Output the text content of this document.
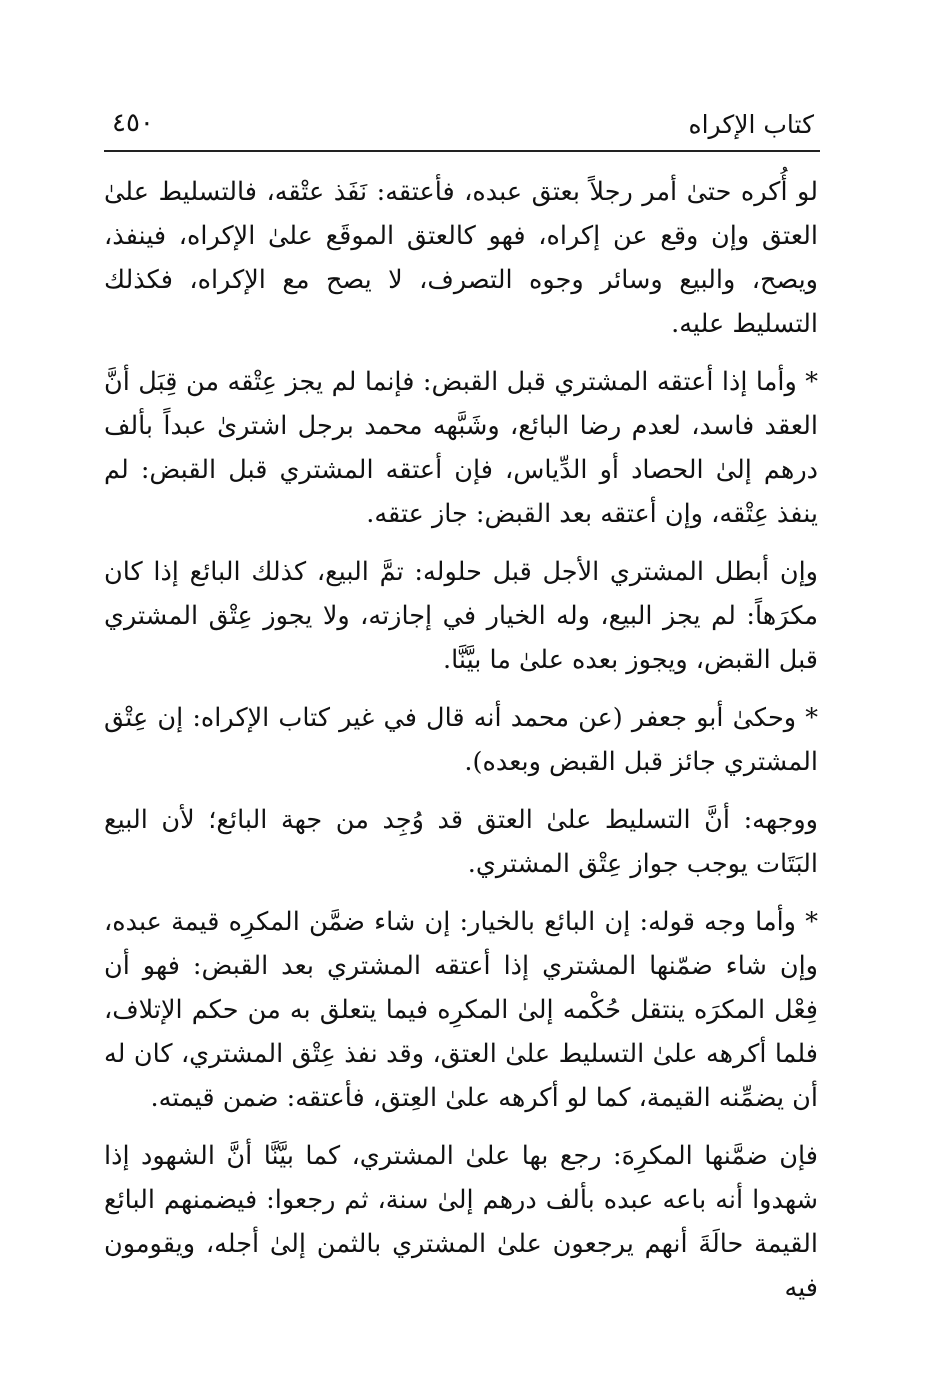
٤٥٠	كتاب الإكراه

لو أُكره حتىٰ أمر رجلاً بعتق عبده، فأعتقه: نَفَذ عتْقه، فالتسليط علىٰ العتق وإن وقع عن إكراه، فهو كالعتق الموقَع علىٰ الإكراه، فينفذ، ويصح، والبيع وسائر وجوه التصرف، لا يصح مع الإكراه، فكذلك التسليط عليه.

* وأما إذا أعتقه المشتري قبل القبض: فإنما لم يجز عِتْقه من قِبَل أنَّ العقد فاسد، لعدم رضا البائع، وشَبَّهه محمد برجل اشترىٰ عبداً بألف درهم إلىٰ الحصاد أو الدِّياس، فإن أعتقه المشتري قبل القبض: لم ينفذ عِتْقه، وإن أعتقه بعد القبض: جاز عتقه.

وإن أبطل المشتري الأجل قبل حلوله: تمَّ البيع، كذلك البائع إذا كان مكرَهاً: لم يجز البيع، وله الخيار في إجازته، ولا يجوز عِتْق المشتري قبل القبض، ويجوز بعده علىٰ ما بيَّنَّا.

* وحكىٰ أبو جعفر (عن محمد أنه قال في غير كتاب الإكراه: إن عِتْق المشتري جائز قبل القبض وبعده).

ووجهه: أنَّ التسليط علىٰ العتق قد وُجِد من جهة البائع؛ لأن البيع البَتَات يوجب جواز عِتْق المشتري.

* وأما وجه قوله: إن البائع بالخيار: إن شاء ضمَّن المكرِه قيمة عبده، وإن شاء ضمّنها المشتري إذا أعتقه المشتري بعد القبض: فهو أن فِعْل المكرَه ينتقل حُكْمه إلىٰ المكرِه فيما يتعلق به من حكم الإتلاف، فلما أكرهه علىٰ التسليط علىٰ العتق، وقد نفذ عِتْق المشتري، كان له أن يضمِّنه القيمة، كما لو أكرهه علىٰ العِتق، فأعتقه: ضمن قيمته.

فإن ضمَّنها المكرِهَ: رجع بها علىٰ المشتري، كما بيَّنَّا أنَّ الشهود إذا شهدوا أنه باعه عبده بألف درهم إلىٰ سنة، ثم رجعوا: فيضمنهم البائع القيمة حالَةَ أنهم يرجعون علىٰ المشتري بالثمن إلىٰ أجله، ويقومون فيه
